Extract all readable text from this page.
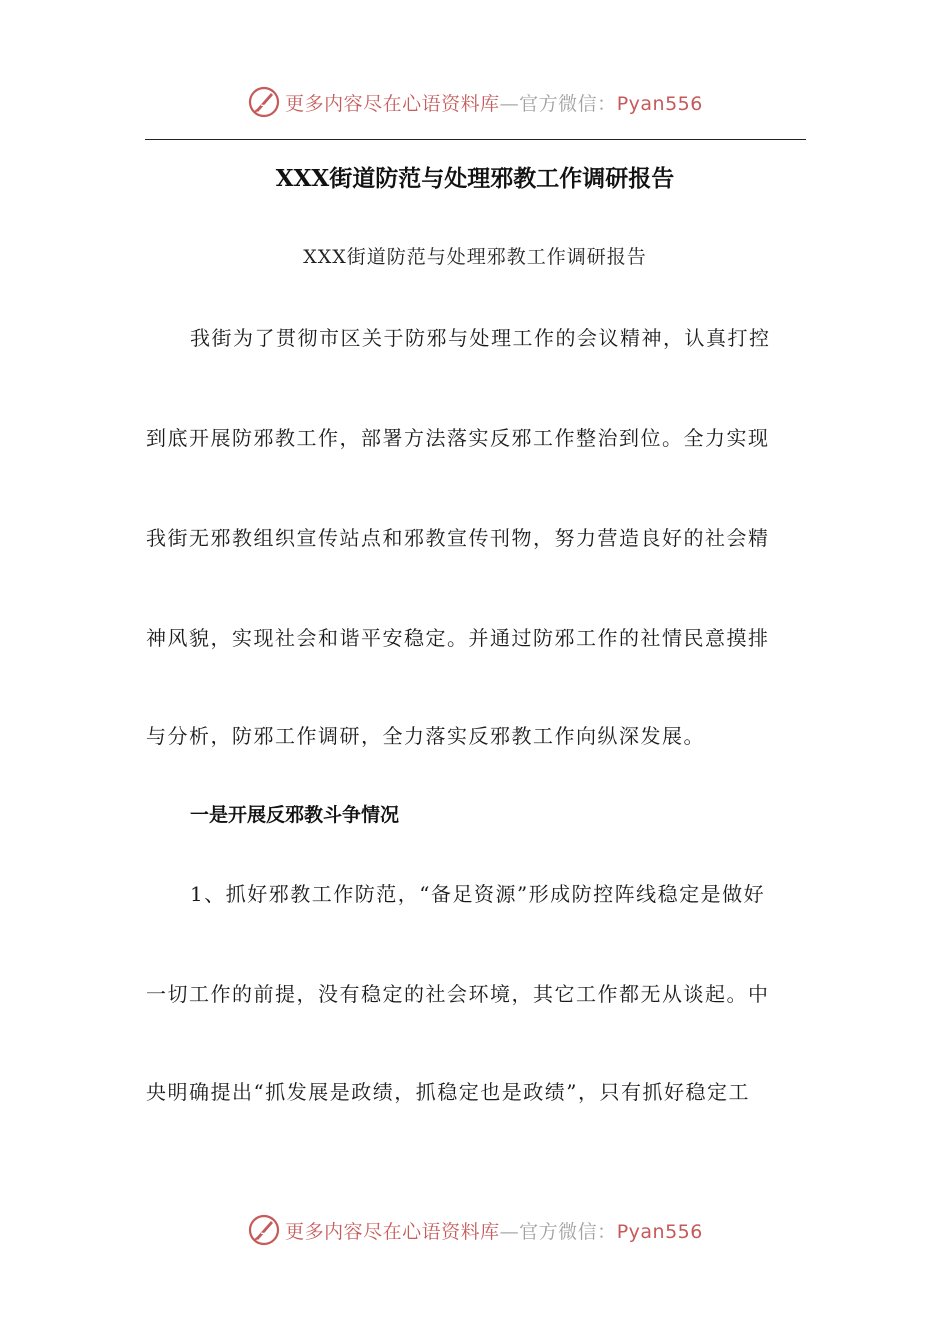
更多内容尽在心语资料库—官方微信：Pyan556
XXX街道防范与处理邪教工作调研报告
XXX街道防范与处理邪教工作调研报告
我街为了贯彻市区关于防邪与处理工作的会议精神，认真打控
到底开展防邪教工作，部署方法落实反邪工作整治到位。全力实现
我街无邪教组织宣传站点和邪教宣传刊物，努力营造良好的社会精
神风貌，实现社会和谐平安稳定。并通过防邪工作的社情民意摸排
与分析，防邪工作调研，全力落实反邪教工作向纵深发展。
一是开展反邪教斗争情况
1、抓好邪教工作防范，“备足资源”形成防控阵线稳定是做好
一切工作的前提，没有稳定的社会环境，其它工作都无从谈起。中
央明确提出“抓发展是政绩，抓稳定也是政绩”，只有抓好稳定工
更多内容尽在心语资料库—官方微信：Pyan556
